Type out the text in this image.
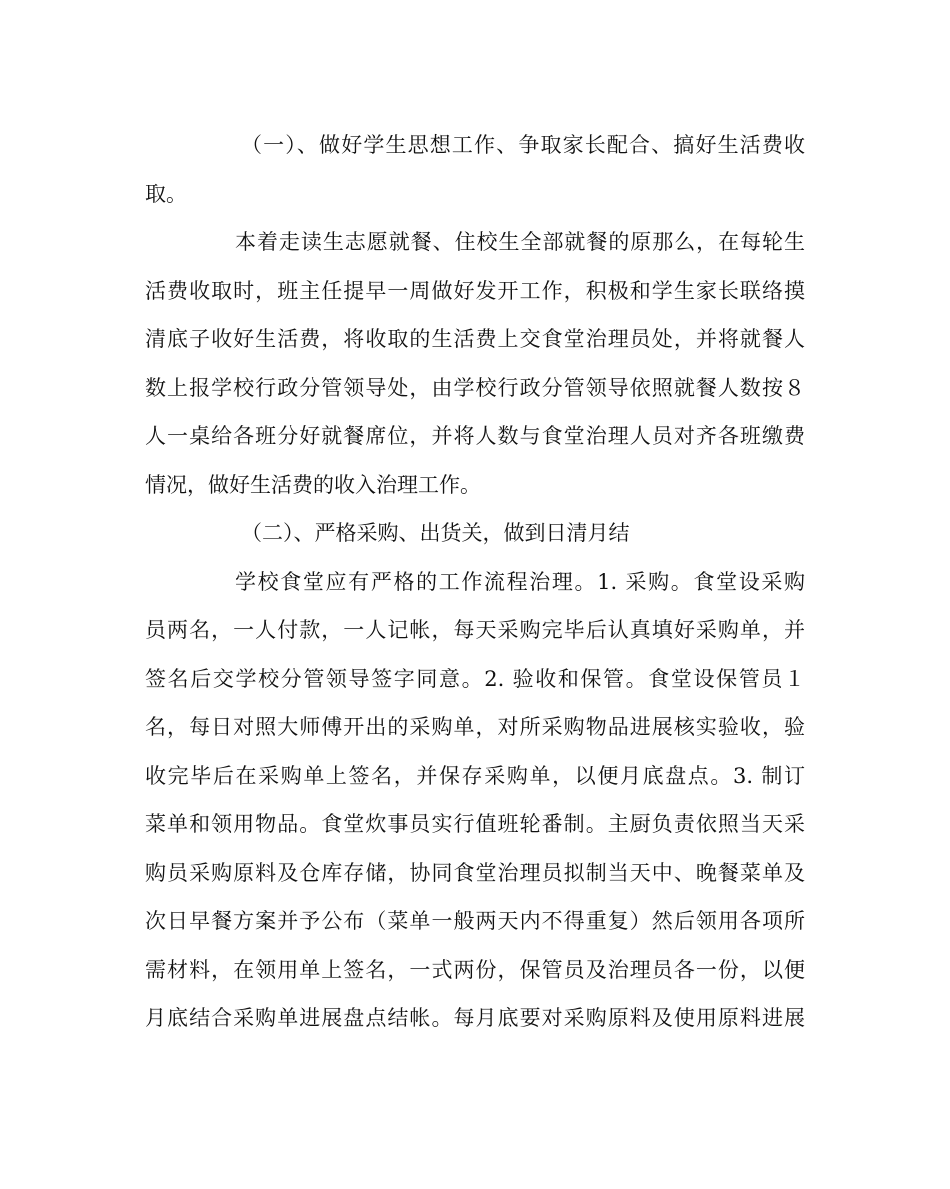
（一）、做好学生思想工作、争取家长配合、搞好生活费收
取。
本着走读生志愿就餐、住校生全部就餐的原那么，在每轮生
活费收取时，班主任提早一周做好发开工作，积极和学生家长联络摸
清底子收好生活费，将收取的生活费上交食堂治理员处，并将就餐人
数上报学校行政分管领导处，由学校行政分管领导依照就餐人数按８
人一桌给各班分好就餐席位，并将人数与食堂治理人员对齐各班缴费
情况，做好生活费的收入治理工作。
（二）、严格采购、出货关，做到日清月结
学校食堂应有严格的工作流程治理。1. 采购。食堂设采购
员两名，一人付款，一人记帐，每天采购完毕后认真填好采购单，并
签名后交学校分管领导签字同意。2. 验收和保管。食堂设保管员１
名，每日对照大师傅开出的采购单，对所采购物品进展核实验收，验
收完毕后在采购单上签名，并保存采购单，以便月底盘点。3. 制订
菜单和领用物品。食堂炊事员实行值班轮番制。主厨负责依照当天采
购员采购原料及仓库存储，协同食堂治理员拟制当天中、晚餐菜单及
次日早餐方案并予公布（菜单一般两天内不得重复）然后领用各项所
需材料，在领用单上签名，一式两份，保管员及治理员各一份，以便
月底结合采购单进展盘点结帐。每月底要对采购原料及使用原料进展
